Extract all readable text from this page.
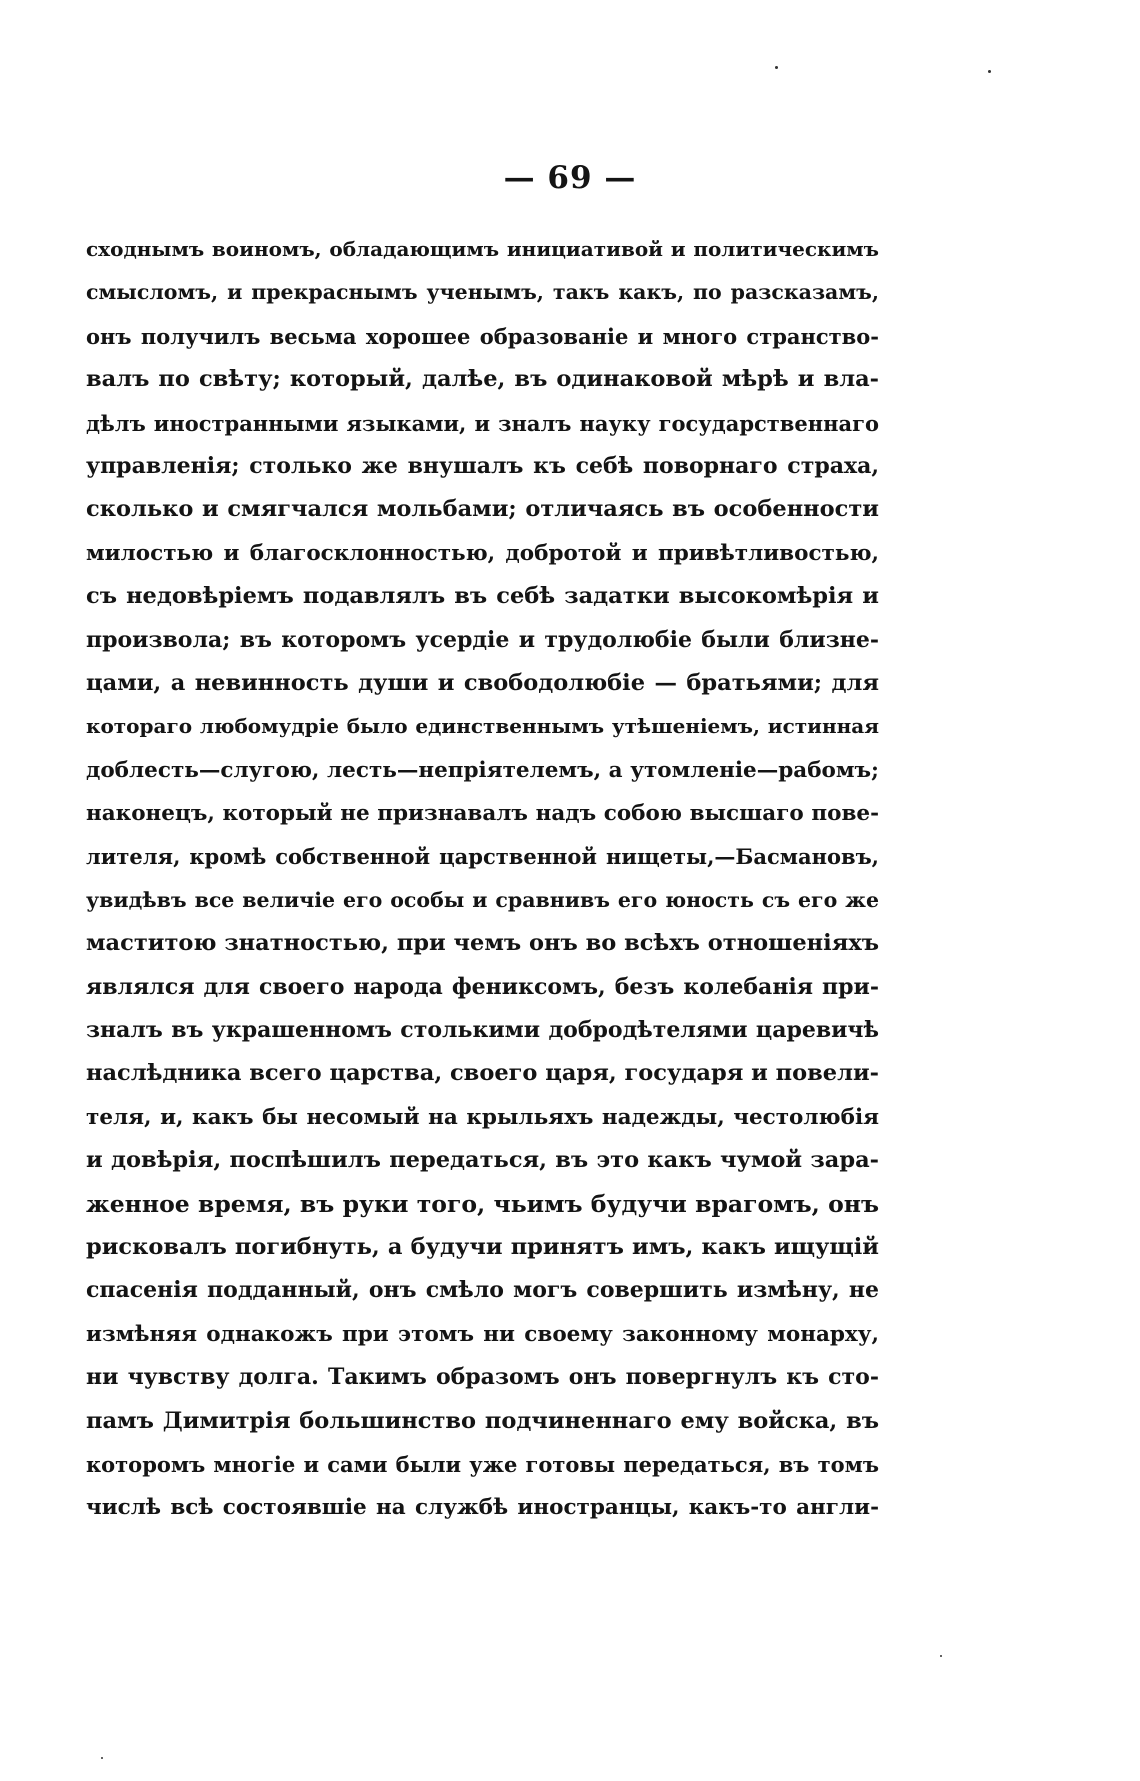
— 69 —
сходнымъ воиномъ, обладающимъ инициативой и политическимъ
смысломъ, и прекраснымъ ученымъ, такъ какъ, по разсказамъ,
онъ получилъ весьма хорошее образованіе и много странство-
валъ по свѣту; который, далѣе, въ одинаковой мѣрѣ и вла-
дѣлъ иностранными языками, и зналъ науку государственнаго
управленія; столько же внушалъ къ себѣ поворнаго страха,
сколько и смягчался мольбами; отличаясь въ особенности
милостью и благосклонностью, добротой и привѣтливостью,
съ недовѣріемъ подавлялъ въ себѣ задатки высокомѣрія и
произвола; въ которомъ усердіе и трудолюбіе были близне-
цами, а невинность души и свободолюбіе — братьями; для
котораго любомудріе было единственнымъ утѣшеніемъ, истинная
доблесть—слугою, лесть—непріятелемъ, а утомленіе—рабомъ;
наконецъ, который не признавалъ надъ собою высшаго пове-
лителя, кромѣ собственной царственной нищеты,—Басмановъ,
увидѣвъ все величіе его особы и сравнивъ его юность съ его же
маститою знатностью, при чемъ онъ во всѣхъ отношеніяхъ
являлся для своего народа фениксомъ, безъ колебанія при-
зналъ въ украшенномъ столькими добродѣтелями царевичѣ
наслѣдника всего царства, своего царя, государя и повели-
теля, и, какъ бы несомый на крыльяхъ надежды, честолюбія
и довѣрія, поспѣшилъ передаться, въ это какъ чумой зара-
женное время, въ руки того, чьимъ будучи врагомъ, онъ
рисковалъ погибнуть, а будучи принятъ имъ, какъ ищущій
спасенія подданный, онъ смѣло могъ совершить измѣну, не
измѣняя однакожъ при этомъ ни своему законному монарху,
ни чувству долга. Такимъ образомъ онъ повергнулъ къ сто-
памъ Димитрія большинство подчиненнаго ему войска, въ
которомъ многіе и сами были уже готовы передаться, въ томъ
числѣ всѣ состоявшіе на службѣ иностранцы, какъ-то англи-
